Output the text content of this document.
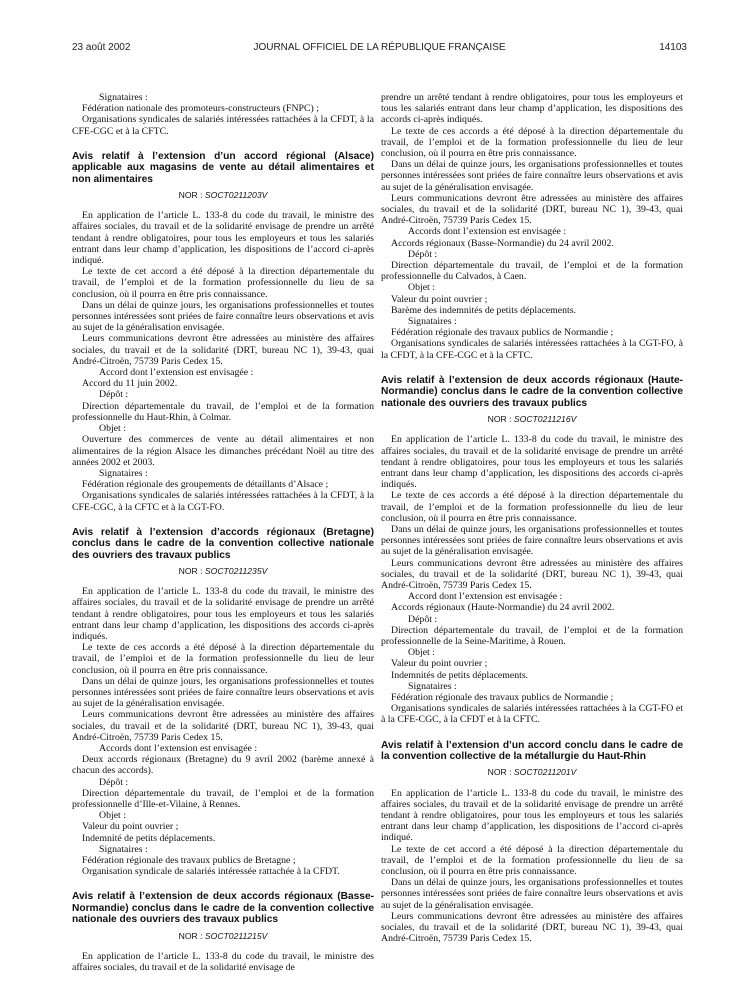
23 août 2002	JOURNAL OFFICIEL DE LA RÉPUBLIQUE FRANÇAISE	14103

Signataires :

Fédération nationale des promoteurs-constructeurs (FNPC) ;

Organisations syndicales de salariés intéressées rattachées à la CFDT, à la CFE-CGC et à la CFTC.

Avis relatif à l’extension d’un accord régional (Alsace) applicable aux magasins de vente au détail alimentaires et non alimentaires
NOR : SOCT0211203V

En application de l’article L. 133-8 du code du travail, le ministre des affaires sociales, du travail et de la solidarité envisage de prendre un arrêté tendant à rendre obligatoires, pour tous les employeurs et tous les salariés entrant dans leur champ d’application, les dispositions de l’accord ci-après indiqué.

Le texte de cet accord a été déposé à la direction départementale du travail, de l’emploi et de la formation professionnelle du lieu de sa conclusion, où il pourra en être pris connaissance.

Dans un délai de quinze jours, les organisations professionnelles et toutes personnes intéressées sont priées de faire connaître leurs observations et avis au sujet de la généralisation envisagée.

Leurs communications devront être adressées au ministère des affaires sociales, du travail et de la solidarité (DRT, bureau NC 1), 39-43, quai André-Citroën, 75739 Paris Cedex 15.

Accord dont l’extension est envisagée :

Accord du 11 juin 2002.

Dépôt :

Direction départementale du travail, de l’emploi et de la formation professionnelle du Haut-Rhin, à Colmar.

Objet :

Ouverture des commerces de vente au détail alimentaires et non alimentaires de la région Alsace les dimanches précédant Noël au titre des années 2002 et 2003.

Signataires :

Fédération régionale des groupements de détaillants d’Alsace ;

Organisations syndicales de salariés intéressées rattachées à la CFDT, à la CFE-CGC, à la CFTC et à la CGT-FO.

Avis relatif à l’extension d’accords régionaux (Bretagne) conclus dans le cadre de la convention collective nationale des ouvriers des travaux publics
NOR : SOCT0211235V

En application de l’article L. 133-8 du code du travail, le ministre des affaires sociales, du travail et de la solidarité envisage de prendre un arrêté tendant à rendre obligatoires, pour tous les employeurs et tous les salariés entrant dans leur champ d’application, les dispositions des accords ci-après indiqués.

Le texte de ces accords a été déposé à la direction départementale du travail, de l’emploi et de la formation professionnelle du lieu de leur conclusion, où il pourra en être pris connaissance.

Dans un délai de quinze jours, les organisations professionnelles et toutes personnes intéressées sont priées de faire connaître leurs observations et avis au sujet de la généralisation envisagée.

Leurs communications devront être adressées au ministère des affaires sociales, du travail et de la solidarité (DRT, bureau NC 1), 39-43, quai André-Citroën, 75739 Paris Cedex 15.

Accords dont l’extension est envisagée :

Deux accords régionaux (Bretagne) du 9 avril 2002 (barème annexé à chacun des accords).

Dépôt :

Direction départementale du travail, de l’emploi et de la formation professionnelle d’Ille-et-Vilaine, à Rennes.

Objet :

Valeur du point ouvrier ;

Indemnité de petits déplacements.

Signataires :

Fédération régionale des travaux publics de Bretagne ;

Organisation syndicale de salariés intéressée rattachée à la CFDT.

Avis relatif à l’extension de deux accords régionaux (Basse-Normandie) conclus dans le cadre de la convention collective nationale des ouvriers des travaux publics
NOR : SOCT0211215V

En application de l’article L. 133-8 du code du travail, le ministre des affaires sociales, du travail et de la solidarité envisage de

prendre un arrêté tendant à rendre obligatoires, pour tous les employeurs et tous les salariés entrant dans leur champ d’application, les dispositions des accords ci-après indiqués.

Le texte de ces accords a été déposé à la direction départementale du travail, de l’emploi et de la formation professionnelle du lieu de leur conclusion, où il pourra en être pris connaissance.

Dans un délai de quinze jours, les organisations professionnelles et toutes personnes intéressées sont priées de faire connaître leurs observations et avis au sujet de la généralisation envisagée.

Leurs communications devront être adressées au ministère des affaires sociales, du travail et de la solidarité (DRT, bureau NC 1), 39-43, quai André-Citroën, 75739 Paris Cedex 15.

Accords dont l’extension est envisagée :

Accords régionaux (Basse-Normandie) du 24 avril 2002.

Dépôt :

Direction départementale du travail, de l’emploi et de la formation professionnelle du Calvados, à Caen.

Objet :

Valeur du point ouvrier ;

Barème des indemnités de petits déplacements.

Signataires :

Fédération régionale des travaux publics de Normandie ;

Organisations syndicales de salariés intéressées rattachées à la CGT-FO, à la CFDT, à la CFE-CGC et à la CFTC.

Avis relatif à l’extension de deux accords régionaux (Haute-Normandie) conclus dans le cadre de la convention collective nationale des ouvriers des travaux publics
NOR : SOCT0211216V

En application de l’article L. 133-8 du code du travail, le ministre des affaires sociales, du travail et de la solidarité envisage de prendre un arrêté tendant à rendre obligatoires, pour tous les employeurs et tous les salariés entrant dans leur champ d’application, les dispositions des accords ci-après indiqués.

Le texte de ces accords a été déposé à la direction départementale du travail, de l’emploi et de la formation professionnelle du lieu de leur conclusion, où il pourra en être pris connaissance.

Dans un délai de quinze jours, les organisations professionnelles et toutes personnes intéressées sont priées de faire connaître leurs observations et avis au sujet de la généralisation envisagée.

Leurs communications devront être adressées au ministère des affaires sociales, du travail et de la solidarité (DRT, bureau NC 1), 39-43, quai André-Citroën, 75739 Paris Cedex 15.

Accord dont l’extension est envisagée :

Accords régionaux (Haute-Normandie) du 24 avril 2002.

Dépôt :

Direction départementale du travail, de l’emploi et de la formation professionnelle de la Seine-Maritime, à Rouen.

Objet :

Valeur du point ouvrier ;

Indemnités de petits déplacements.

Signataires :

Fédération régionale des travaux publics de Normandie ;

Organisations syndicales de salariés intéressées rattachées à la CGT-FO et à la CFE-CGC, à la CFDT et à la CFTC.

Avis relatif à l’extension d’un accord conclu dans le cadre de la convention collective de la métallurgie du Haut-Rhin
NOR : SOCT0211201V

En application de l’article L. 133-8 du code du travail, le ministre des affaires sociales, du travail et de la solidarité envisage de prendre un arrêté tendant à rendre obligatoires, pour tous les employeurs et tous les salariés entrant dans leur champ d’application, les dispositions de l’accord ci-après indiqué.

Le texte de cet accord a été déposé à la direction départementale du travail, de l’emploi et de la formation professionnelle du lieu de sa conclusion, où il pourra en être pris connaissance.

Dans un délai de quinze jours, les organisations professionnelles et toutes personnes intéressées sont priées de faire connaître leurs observations et avis au sujet de la généralisation envisagée.

Leurs communications devront être adressées au ministère des affaires sociales, du travail et de la solidarité (DRT, bureau NC 1), 39-43, quai André-Citroën, 75739 Paris Cedex 15.
